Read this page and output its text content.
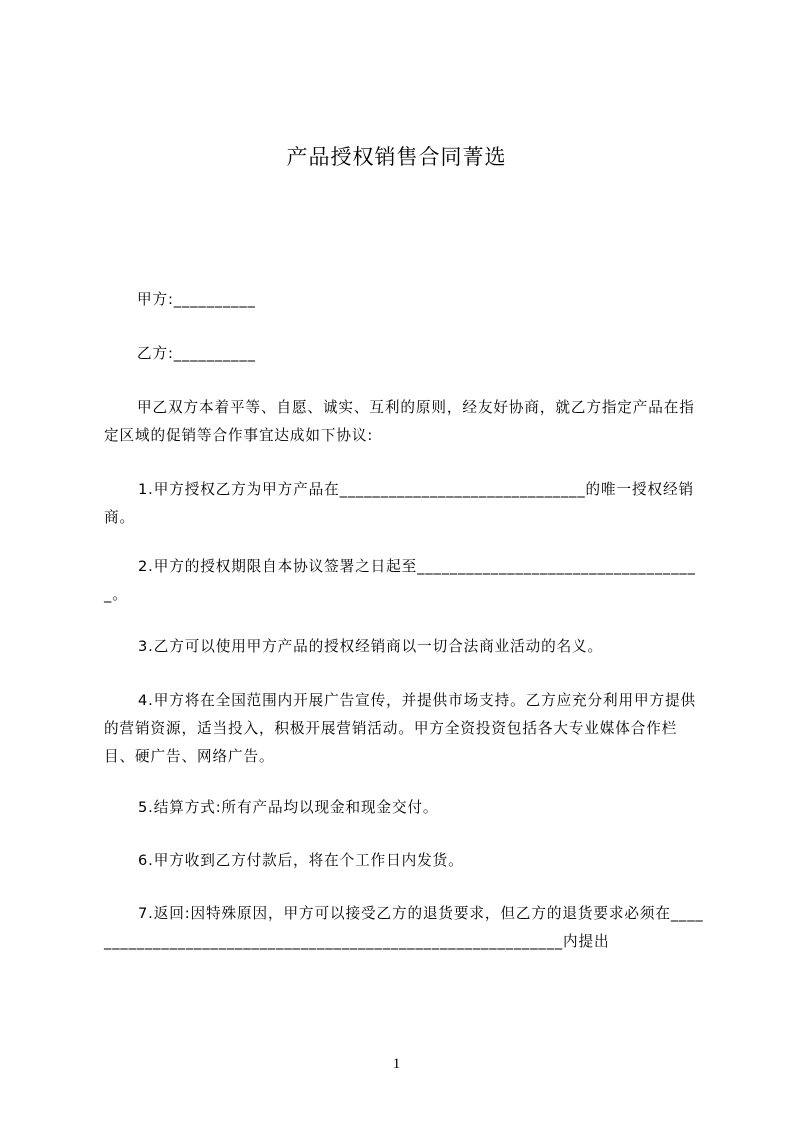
产品授权销售合同菁选

甲方:__________

乙方:__________

甲乙双方本着平等、自愿、诚实、互利的原则，经友好协商，就乙方指定产品在指定区域的促销等合作事宜达成如下协议:

1.甲方授权乙方为甲方产品在______________________________的唯一授权经销商。

2.甲方的授权期限自本协议签署之日起至___________________________________。

3.乙方可以使用甲方产品的授权经销商以一切合法商业活动的名义。

4.甲方将在全国范围内开展广告宣传，并提供市场支持。乙方应充分利用甲方提供的营销资源，适当投入，积极开展营销活动。甲方全资投资包括各大专业媒体合作栏目、硬广告、网络广告。

5.结算方式:所有产品均以现金和现金交付。

6.甲方收到乙方付款后，将在个工作日内发货。

7.返回:因特殊原因，甲方可以接受乙方的退货要求，但乙方的退货要求必须在____________________________________________________________内提出

1
